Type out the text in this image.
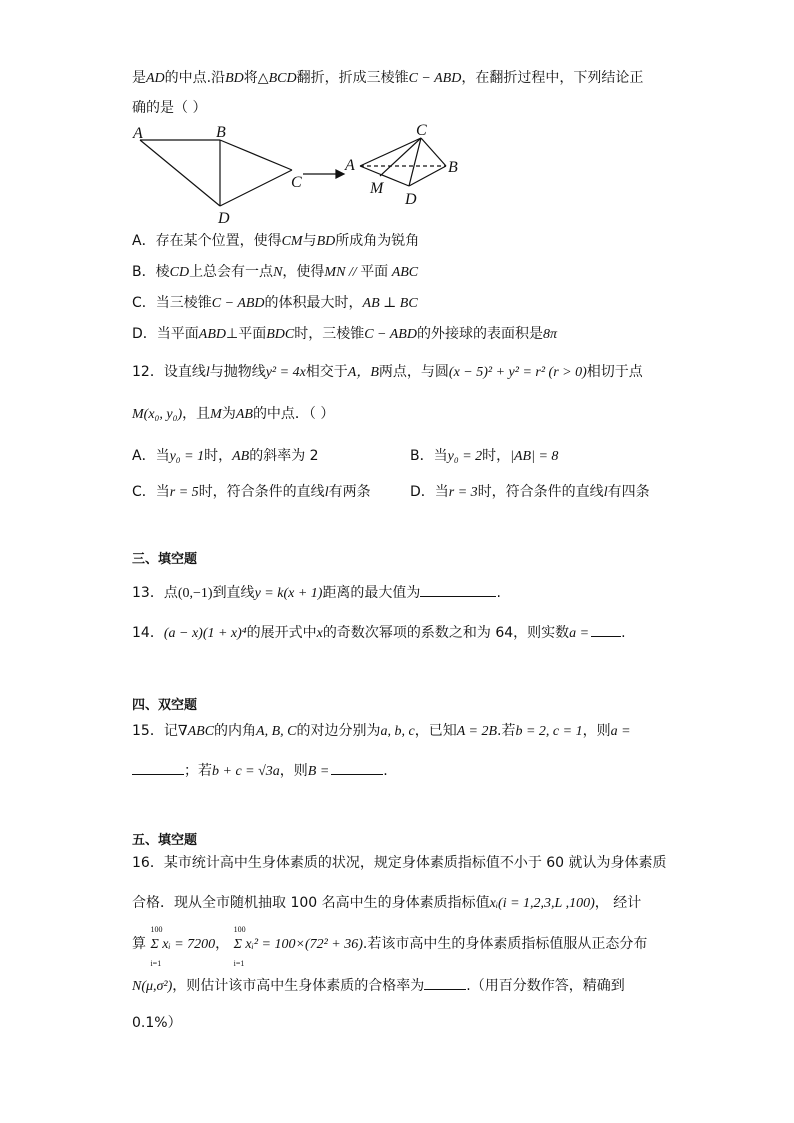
是AD的中点.沿BD将△BCD翻折，折成三棱锥C − ABD，在翻折过程中，下列结论正
确的是（ ）
A	B
C
D
A	B
C
D
M
A．存在某个位置，使得CM与BD所成角为锐角
B．棱CD上总会有一点N，使得MN // 平面 ABC
C．当三棱锥C − ABD的体积最大时，AB ⊥ BC
D．当平面ABD⊥平面BDC时，三棱锥C − ABD的外接球的表面积是8π
12．设直线l与抛物线y² = 4x相交于A，B两点，与圆(x − 5)² + y² = r² (r > 0)相切于点
M(x₀, y₀)，且M为AB的中点．（ ）
A．当y₀ = 1时，AB的斜率为 2	B．当y₀ = 2时，|AB| = 8
C．当r = 5时，符合条件的直线l有两条	D．当r = 3时，符合条件的直线l有四条
三、填空题
13．点(0,−1)到直线y = k(x + 1)距离的最大值为	.
14．(a − x)(1 + x)⁴的展开式中x的奇数次幂项的系数之和为 64，则实数a = .
四、双空题
15．记∇ABC的内角A, B, C的对边分别为a, b, c，已知A = 2B.若b = 2, c = 1，则a =
；若b + c = √3a，则B =	.
五、填空题
16．某市统计高中生身体素质的状况，规定身体素质指标值不小于 60 就认为身体素质
合格．现从全市随机抽取 100 名高中生的身体素质指标值xᵢ(i = 1,2,3,L ,100)， 经计
算
100
i=1
Σ xᵢ = 7200，
100
i=1
Σ xᵢ² = 100×(72² + 36).若该市高中生的身体素质指标值服从正态分布
N(μ,σ²)，则估计该市高中生身体素质的合格率为	.（用百分数作答，精确到
0.1%）
